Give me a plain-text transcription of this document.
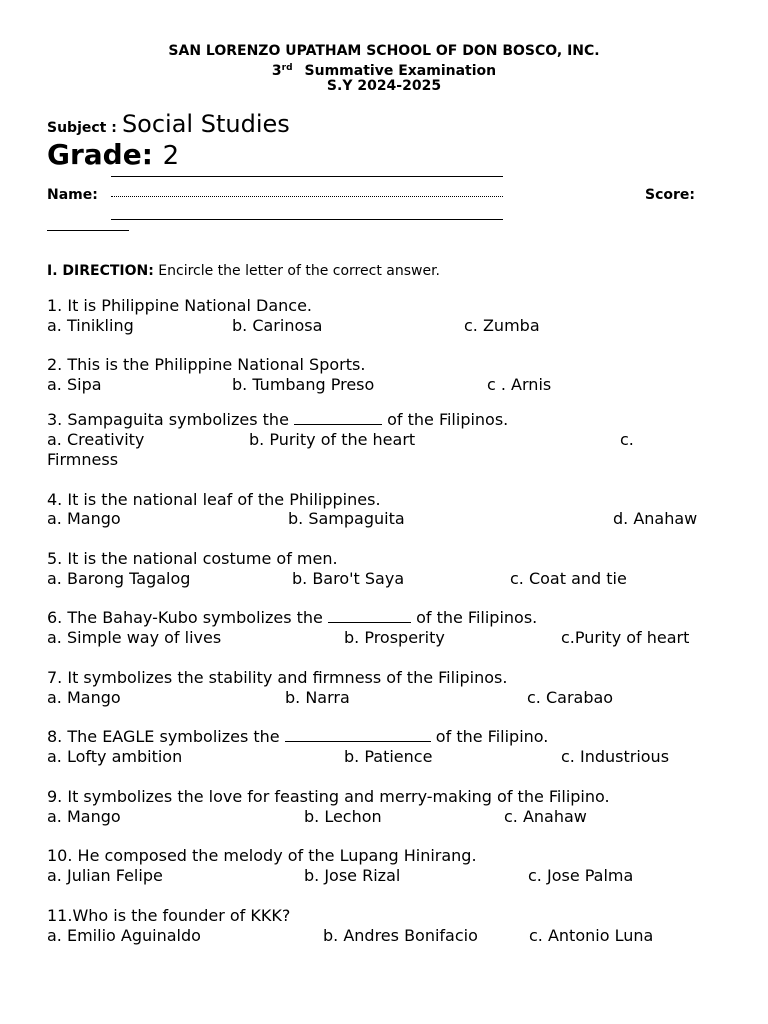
SAN LORENZO UPATHAM SCHOOL OF DON BOSCO, INC.
3rd Summative Examination
S.Y 2024-2025
Subject : Social Studies
Grade: 2
Name:	Score:
I. DIRECTION: Encircle the letter of the correct answer.
1. It is Philippine National Dance.
a. Tinikling	b. Carinosa	c. Zumba
2. This is the Philippine National Sports.
a. Sipa	b. Tumbang Preso	c . Arnis
3. Sampaguita symbolizes the	of the Filipinos.
a. Creativity	b. Purity of the heart	c.
Firmness
4. It is the national leaf of the Philippines.
a. Mango	b. Sampaguita	d. Anahaw
5. It is the national costume of men.
a. Barong Tagalog	b. Baro't Saya	c. Coat and tie
6. The Bahay-Kubo symbolizes the	of the Filipinos.
a. Simple way of lives	b. Prosperity	c.Purity of heart
7. It symbolizes the stability and firmness of the Filipinos.
a. Mango	b. Narra	c. Carabao
8. The EAGLE symbolizes the	of the Filipino.
a. Lofty ambition	b. Patience	c. Industrious
9. It symbolizes the love for feasting and merry-making of the Filipino.
a. Mango	b. Lechon	c. Anahaw
10. He composed the melody of the Lupang Hinirang.
a. Julian Felipe	b. Jose Rizal	c. Jose Palma
11.Who is the founder of KKK?
a. Emilio Aguinaldo	b. Andres Bonifacio	c. Antonio Luna
